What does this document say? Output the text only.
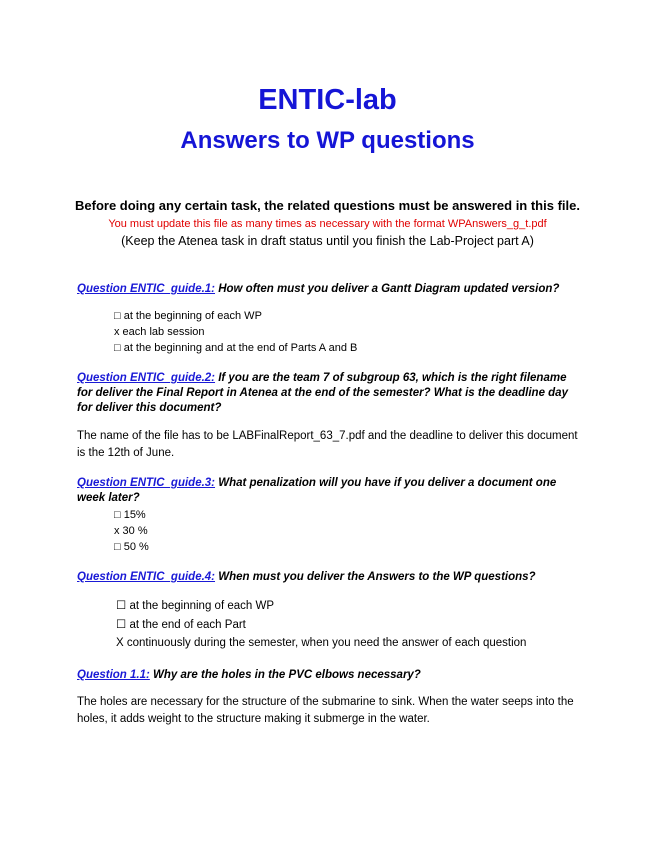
ENTIC-lab
Answers to WP questions
Before doing any certain task, the related questions must be answered in this file.
You must update this file as many times as necessary with the format WPAnswers_g_t.pdf
(Keep the Atenea task in draft status until you finish the Lab-Project part A)
Question ENTIC_guide.1: How often must you deliver a Gantt Diagram updated version?
□ at the beginning of each WP
x each lab session
□ at the beginning and at the end of Parts A and B
Question ENTIC_guide.2: If you are the team 7 of subgroup 63, which is the right filename for deliver the Final Report in Atenea at the end of the semester? What is the deadline day for deliver this document?
The name of the file has to be LABFinalReport_63_7.pdf and the deadline to deliver this document is the 12th of June.
Question ENTIC_guide.3: What penalization will you have if you deliver a document one week later?
□ 15%
x 30 %
□ 50 %
Question ENTIC_guide.4: When must you deliver the Answers to the WP questions?
☐ at the beginning of each WP
☐ at the end of each Part
X continuously during the semester, when you need the answer of each question
Question 1.1: Why are the holes in the PVC elbows necessary?
The holes are necessary for the structure of the submarine to sink. When the water seeps into the holes, it adds weight to the structure making it submerge in the water.
